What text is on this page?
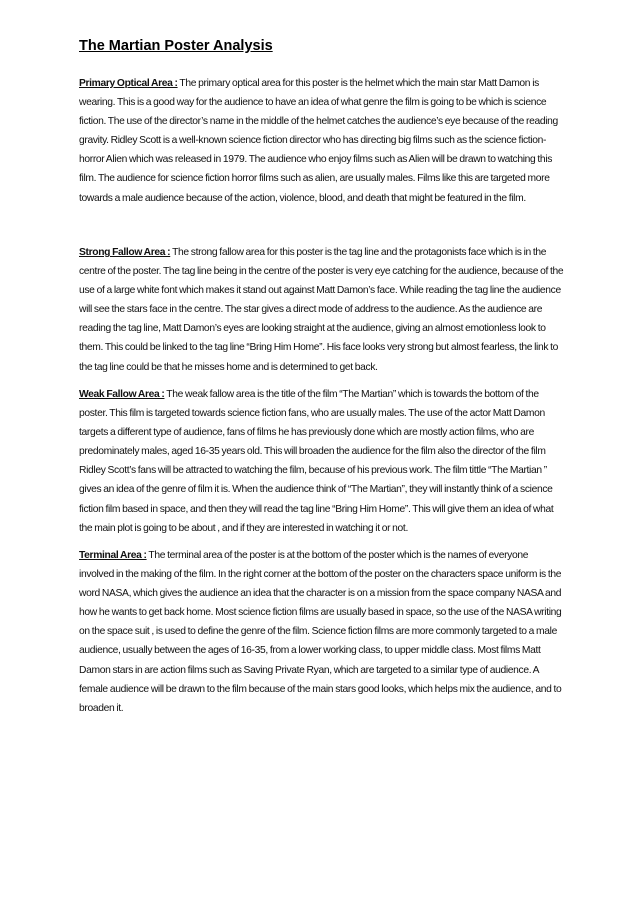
The Martian Poster Analysis

Primary Optical Area : The primary optical area for this poster is the helmet which the main star Matt Damon is wearing. This is a good way for the audience to have an idea of what genre the film is going to be which is science fiction. The use of the director’s name in the middle of the helmet catches the audience’s eye because of the reading gravity. Ridley Scott is a well-known science fiction director who has directing big films such as the science fiction- horror Alien which was released in 1979. The audience who enjoy films such as Alien will be drawn to watching this film. The audience for science fiction horror films such as alien, are usually males. Films like this are targeted more towards a male audience because of the action, violence, blood, and death that might be featured in the film.

Strong Fallow Area : The strong fallow area for this poster is the tag line and the protagonists face which is in the centre of the poster. The tag line being in the centre of the poster is very eye catching for the audience, because of the use of a large white font which makes it stand out against Matt Damon’s face. While reading the tag line the audience will see the stars face in the centre. The star gives a direct mode of address to the audience. As the audience are reading the tag line, Matt Damon’s eyes are looking straight at the audience, giving an almost emotionless look to them. This could be linked to the tag line “Bring Him Home”. His face looks very strong but almost fearless, the link to the tag line could be that he misses home and is determined to get back.

Weak Fallow Area : The weak fallow area is the title of the film “The Martian” which is towards the bottom of the poster. This film is targeted towards science fiction fans, who are usually males. The use of the actor Matt Damon targets a different type of audience, fans of films he has previously done which are mostly action films, who are predominately males, aged 16-35 years old. This will broaden the audience for the film also the director of the film Ridley Scott’s fans will be attracted to watching the film, because of his previous work. The film tittle “The Martian ” gives an idea of the genre of film it is. When the audience think of “The Martian”, they will instantly think of a science fiction film based in space, and then they will read the tag line “Bring Him Home”. This will give them an idea of what the main plot is going to be about , and if they are interested in watching it or not.

Terminal Area : The terminal area of the poster is at the bottom of the poster which is the names of everyone involved in the making of the film. In the right corner at the bottom of the poster on the characters space uniform is the word NASA, which gives the audience an idea that the character is on a mission from the space company NASA and how he wants to get back home. Most science fiction films are usually based in space, so the use of the NASA writing on the space suit , is used to define the genre of the film. Science fiction films are more commonly targeted to a male audience, usually between the ages of 16-35, from a lower working class, to upper middle class. Most films Matt Damon stars in are action films such as Saving Private Ryan, which are targeted to a similar type of audience. A female audience will be drawn to the film because of the main stars good looks, which helps mix the audience, and to broaden it.
